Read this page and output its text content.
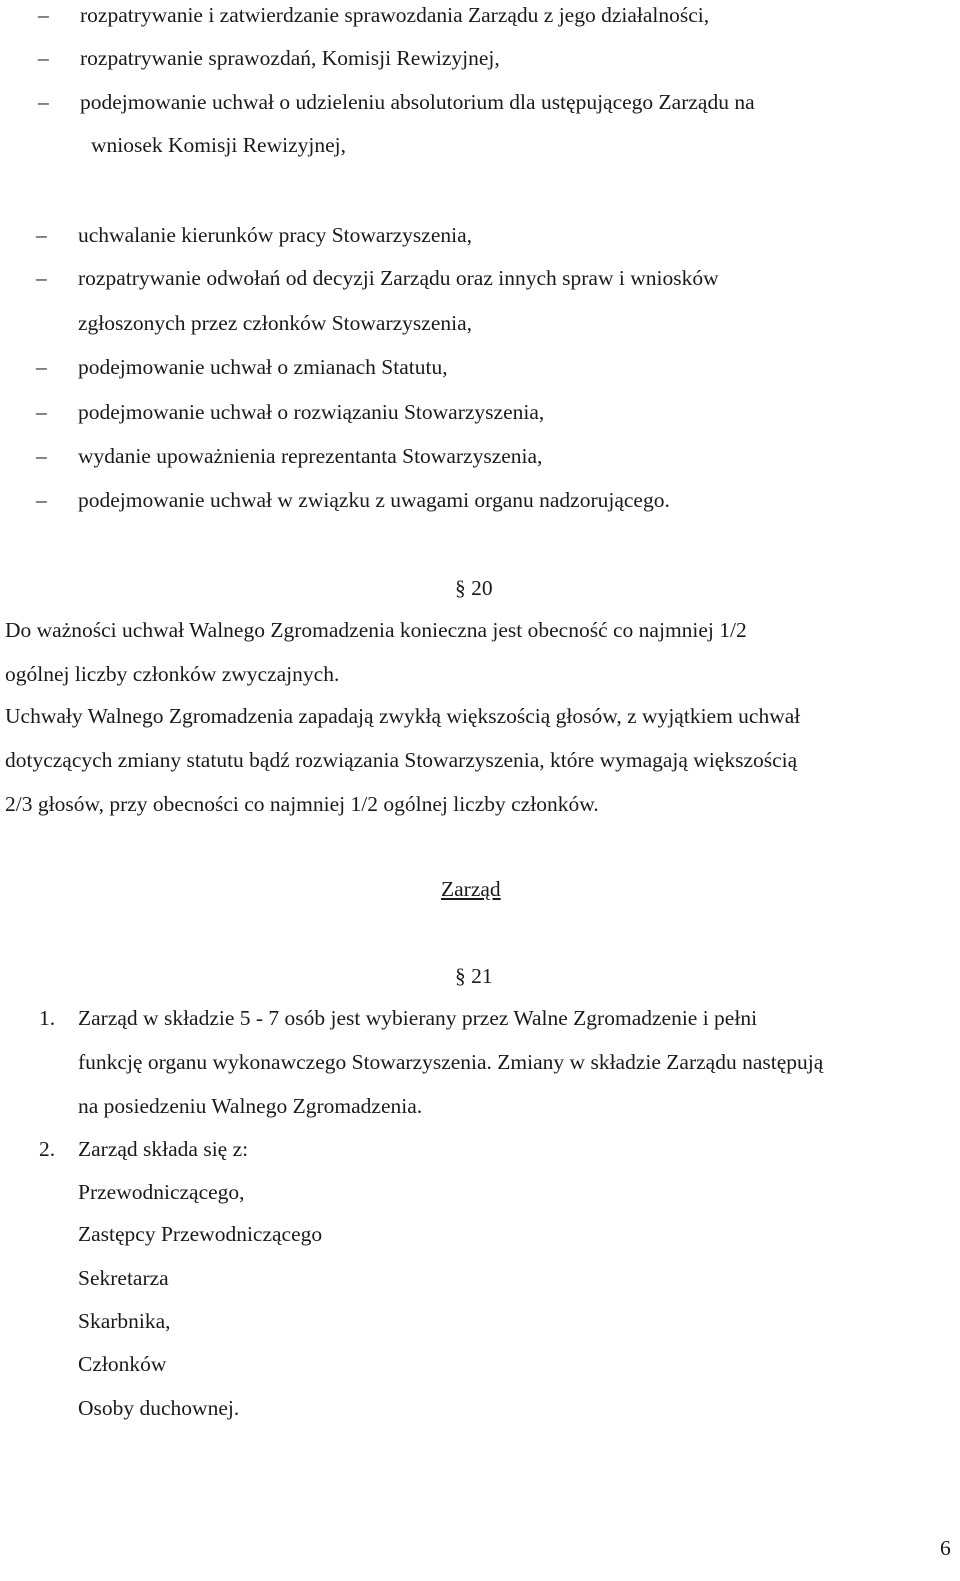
– rozpatrywanie i zatwierdzanie sprawozdania Zarządu z jego działalności,
– rozpatrywanie sprawozdań, Komisji Rewizyjnej,
– podejmowanie uchwał o udzieleniu absolutorium dla ustępującego Zarządu na
wniosek Komisji Rewizyjnej,
– uchwalanie kierunków pracy Stowarzyszenia,
– rozpatrywanie odwołań od decyzji Zarządu oraz innych spraw i wniosków
zgłoszonych przez członków Stowarzyszenia,
– podejmowanie uchwał o zmianach Statutu,
– podejmowanie uchwał o rozwiązaniu Stowarzyszenia,
– wydanie upoważnienia reprezentanta Stowarzyszenia,
– podejmowanie uchwał w związku z uwagami organu nadzorującego.
§ 20
Do ważności uchwał Walnego Zgromadzenia konieczna jest obecność co najmniej 1/2
ogólnej liczby członków zwyczajnych.
Uchwały Walnego Zgromadzenia zapadają zwykłą większością głosów, z wyjątkiem uchwał
dotyczących zmiany statutu bądź rozwiązania Stowarzyszenia, które wymagają większością
2/3 głosów, przy obecności co najmniej 1/2 ogólnej liczby członków.
Zarząd
§ 21
1. Zarząd w składzie 5 - 7 osób jest wybierany przez Walne Zgromadzenie i pełni
funkcję organu wykonawczego Stowarzyszenia. Zmiany w składzie Zarządu następują
na posiedzeniu Walnego Zgromadzenia.
2. Zarząd składa się z:
Przewodniczącego,
Zastępcy Przewodniczącego
Sekretarza
Skarbnika,
Członków
Osoby duchownej.
6
